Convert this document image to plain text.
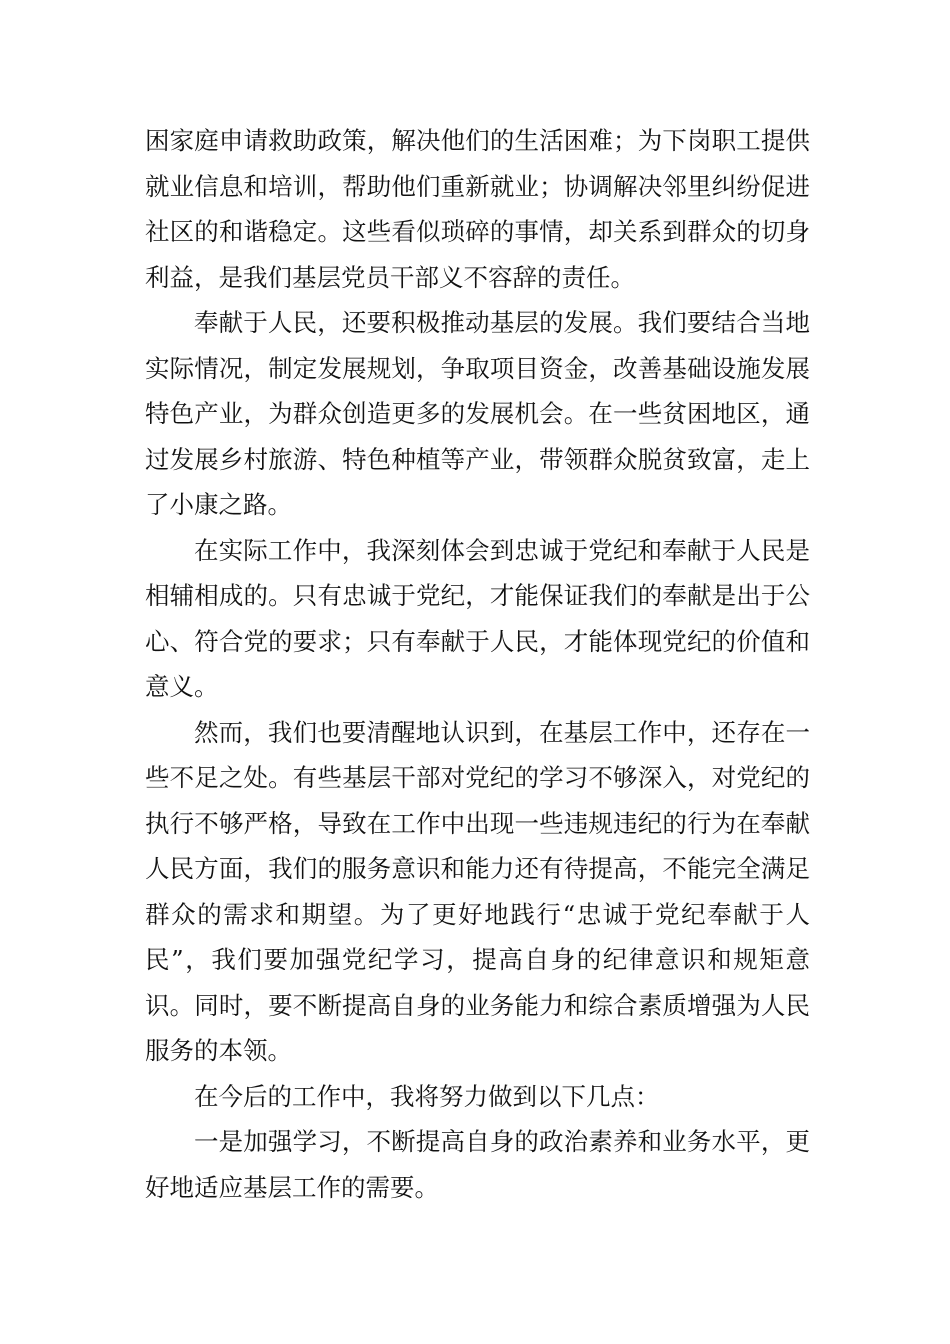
困家庭申请救助政策，解决他们的生活困难；为下岗职工提供就业信息和培训，帮助他们重新就业；协调解决邻里纠纷促进社区的和谐稳定。这些看似琐碎的事情，却关系到群众的切身利益，是我们基层党员干部义不容辞的责任。

奉献于人民，还要积极推动基层的发展。我们要结合当地实际情况，制定发展规划，争取项目资金，改善基础设施发展特色产业，为群众创造更多的发展机会。在一些贫困地区，通过发展乡村旅游、特色种植等产业，带领群众脱贫致富，走上了小康之路。

在实际工作中，我深刻体会到忠诚于党纪和奉献于人民是相辅相成的。只有忠诚于党纪，才能保证我们的奉献是出于公心、符合党的要求；只有奉献于人民，才能体现党纪的价值和意义。

然而，我们也要清醒地认识到，在基层工作中，还存在一些不足之处。有些基层干部对党纪的学习不够深入，对党纪的执行不够严格，导致在工作中出现一些违规违纪的行为在奉献人民方面，我们的服务意识和能力还有待提高，不能完全满足群众的需求和期望。为了更好地践行“忠诚于党纪奉献于人民”，我们要加强党纪学习，提高自身的纪律意识和规矩意识。同时，要不断提高自身的业务能力和综合素质增强为人民服务的本领。

在今后的工作中，我将努力做到以下几点：

一是加强学习，不断提高自身的政治素养和业务水平，更好地适应基层工作的需要。
